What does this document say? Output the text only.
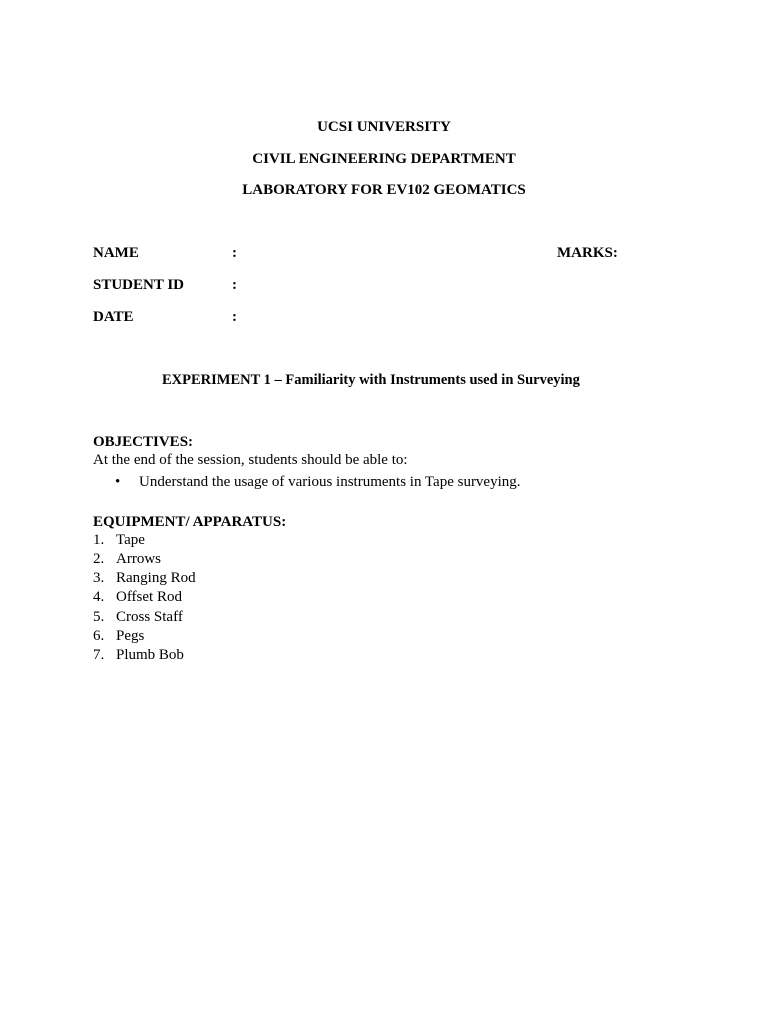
UCSI UNIVERSITY
CIVIL ENGINEERING DEPARTMENT
LABORATORY FOR EV102 GEOMATICS
NAME	:	MARKS:
STUDENT ID	:
DATE	:
EXPERIMENT 1 – Familiarity with Instruments used in Surveying
OBJECTIVES:
At the end of the session, students should be able to:
• Understand the usage of various instruments in Tape surveying.
EQUIPMENT/ APPARATUS:
1. Tape
2. Arrows
3. Ranging Rod
4. Offset Rod
5. Cross Staff
6. Pegs
7. Plumb Bob
